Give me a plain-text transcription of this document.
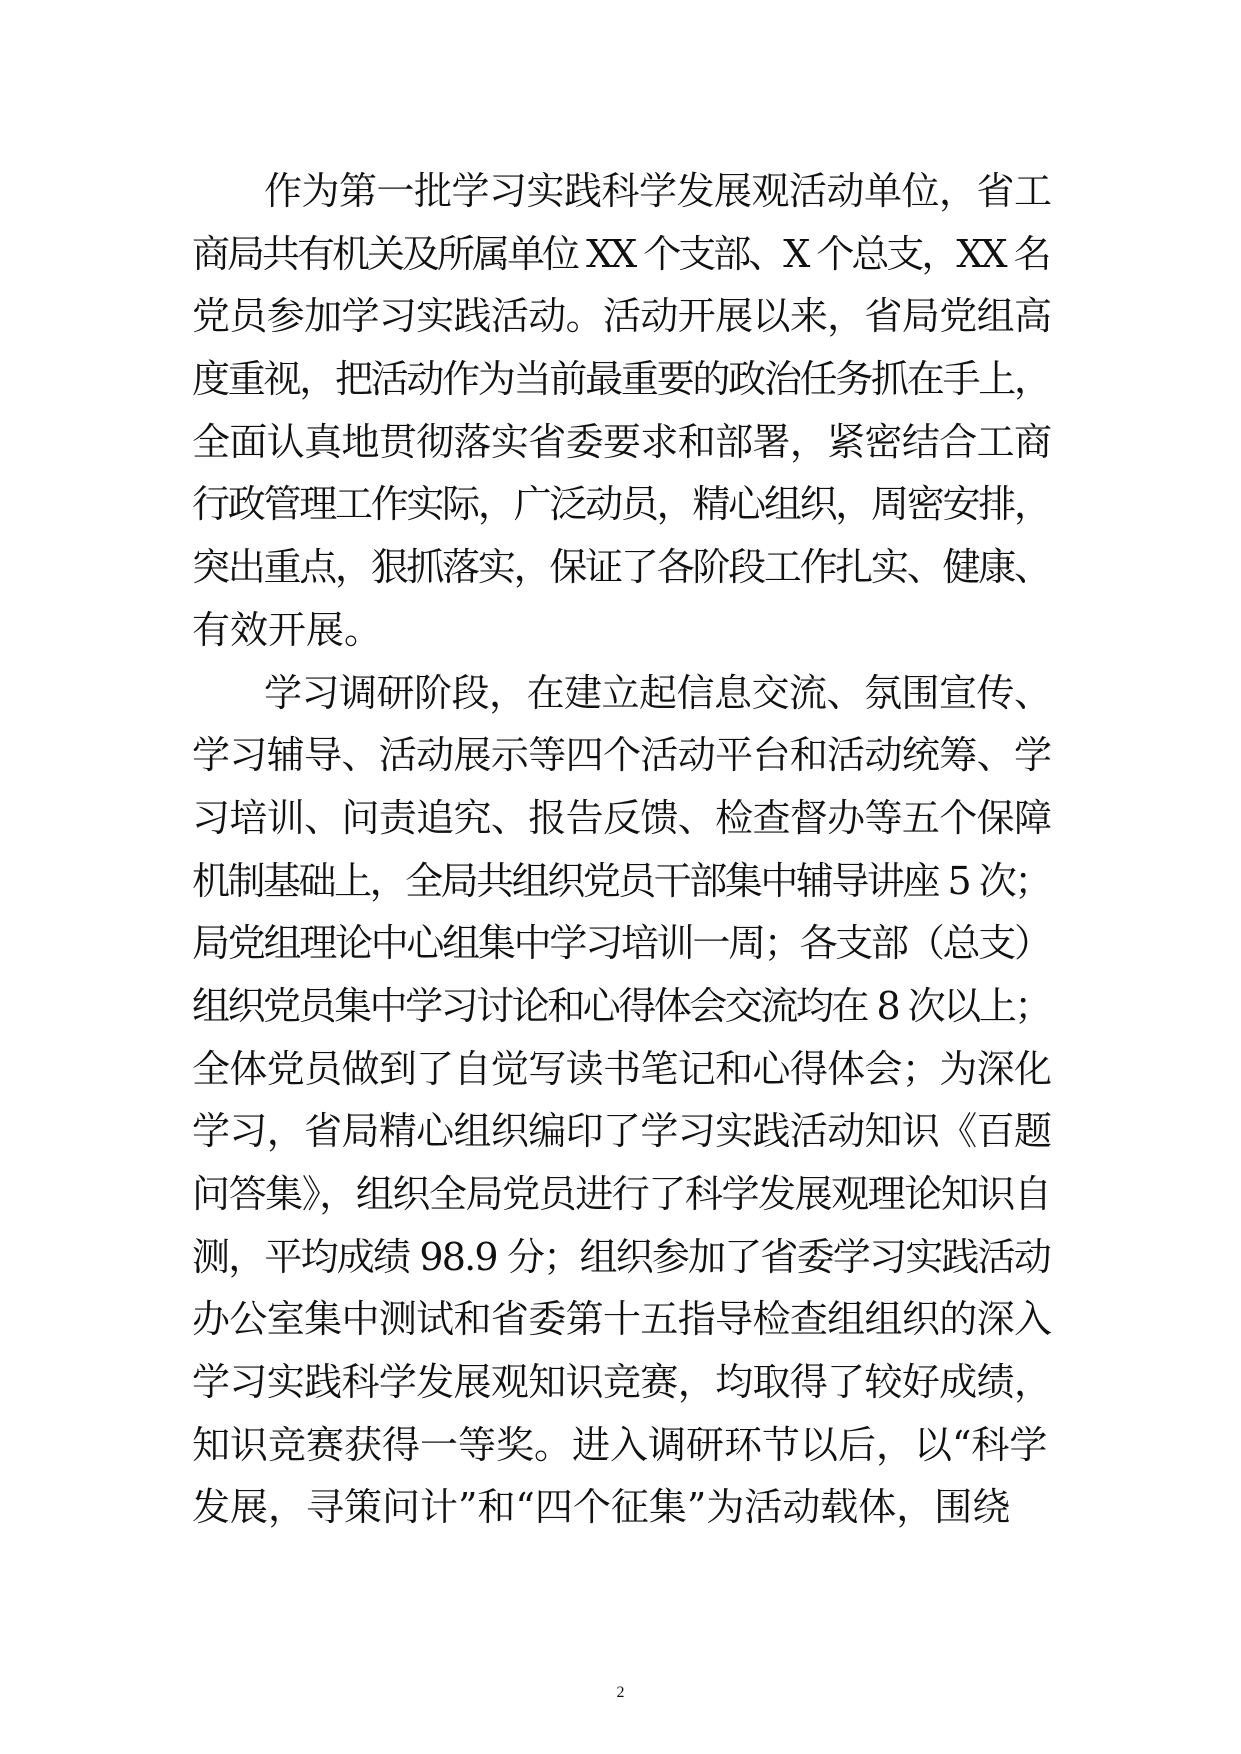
作为第一批学习实践科学发展观活动单位，省工
商局共有机关及所属单位 XX 个支部、X 个总支，XX 名
党员参加学习实践活动。活动开展以来，省局党组高
度重视，把活动作为当前最重要的政治任务抓在手上，
全面认真地贯彻落实省委要求和部署，紧密结合工商
行政管理工作实际，广泛动员，精心组织，周密安排，
突出重点，狠抓落实，保证了各阶段工作扎实、健康、
有效开展。
学习调研阶段，在建立起信息交流、氛围宣传、
学习辅导、活动展示等四个活动平台和活动统筹、学
习培训、问责追究、报告反馈、检查督办等五个保障
机制基础上，全局共组织党员干部集中辅导讲座 5 次；
局党组理论中心组集中学习培训一周；各支部（总支）
组织党员集中学习讨论和心得体会交流均在 8 次以上；
全体党员做到了自觉写读书笔记和心得体会；为深化
学习，省局精心组织编印了学习实践活动知识《百题
问答集》，组织全局党员进行了科学发展观理论知识自
测，平均成绩 98.9 分；组织参加了省委学习实践活动
办公室集中测试和省委第十五指导检查组组织的深入
学习实践科学发展观知识竞赛，均取得了较好成绩，
知识竞赛获得一等奖。进入调研环节以后，以“科学
发展，寻策问计”和“四个征集”为活动载体，围绕
2
